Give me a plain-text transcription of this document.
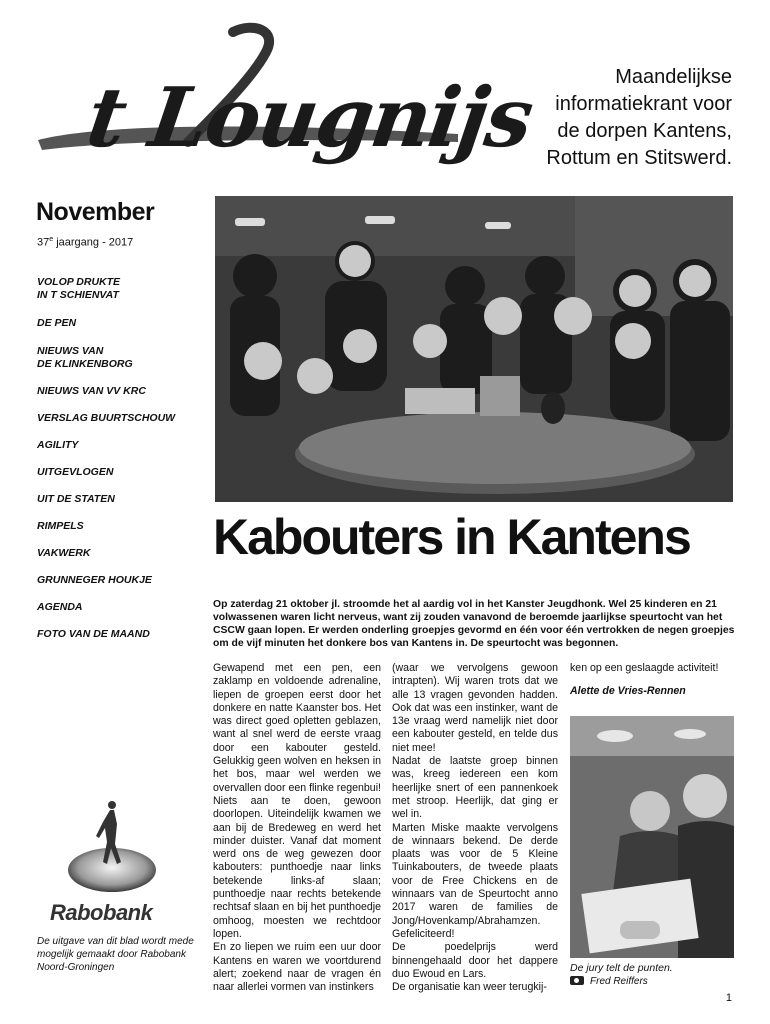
t Lougnijs	Maandelijkse
informatiekrant voor
de dorpen Kantens,
Rottum en Stitswerd.
November
37e jaargang - 2017
VOLOP DRUKTE
IN T SCHIENVAT
DE PEN
NIEUWS VAN
DE KLINKENBORG
NIEUWS VAN VV KRC
VERSLAG BUURTSCHOUW
AGILITY
UITGEVLOGEN
UIT DE STATEN
RIMPELS
VAKWERK
GRUNNEGER HOUKJE
AGENDA
FOTO VAN DE MAAND
Rabobank
De uitgave van dit blad wordt mede mogelijk gemaakt door Rabobank Noord-Groningen
Kabouters in Kantens
Op zaterdag 21 oktober jl. stroomde het al aardig vol in het Kanster Jeugdhonk. Wel 25 kinderen en 21 volwassenen waren licht nerveus, want zij zouden vanavond de beroemde jaarlijkse speurtocht van het CSCW gaan lopen. Er werden onderling groepjes gevormd en één voor één vertrokken de negen groepjes om de vijf minuten het donkere bos van Kantens in. De speurtocht was begonnen.

Gewapend met een pen, een zaklamp en voldoende adrenaline, liepen de groepen eerst door het donkere en natte Kaanster bos. Het was direct goed opletten geblazen, want al snel werd de eerste vraag door een kabouter gesteld. Gelukkig geen wolven en heksen in het bos, maar wel werden we overvallen door een flinke regenbui! Niets aan te doen, gewoon doorlopen. Uiteindelijk kwamen we aan bij de Bredeweg en werd het minder duister. Vanaf dat moment werd ons de weg gewezen door kabouters: punthoedje naar links betekende links-af slaan; punthoedje naar rechts betekende rechtsaf slaan en bij het punthoedje omhoog, moesten we rechtdoor lopen.

En zo liepen we ruim een uur door Kantens en waren we voortdurend alert; zoekend naar de vragen én naar allerlei vormen van instinkers

(waar we vervolgens gewoon intrapten). Wij waren trots dat we alle 13 vragen gevonden hadden. Ook dat was een instinker, want de 13e vraag werd namelijk niet door een kabouter gesteld, en telde dus niet mee!

Nadat de laatste groep binnen was, kreeg iedereen een kom heerlijke snert of een pannenkoek met stroop. Heerlijk, dat ging er wel in.

Marten Miske maakte vervolgens de winnaars bekend. De derde plaats was voor de 5 Kleine Tuinkabouters, de tweede plaats voor de Free Chickens en de winnaars van de Speurtocht anno 2017 waren de families de Jong/Hovenkamp/Abrahamzen.

Gefeliciteerd!

De poedelprijs werd binnengehaald door het dappere duo Ewoud en Lars.

De organisatie kan weer terugkij-

ken op een geslaagde activiteit!

Alette de Vries-Rennen

De jury telt de punten.
Fred Reiffers
1
